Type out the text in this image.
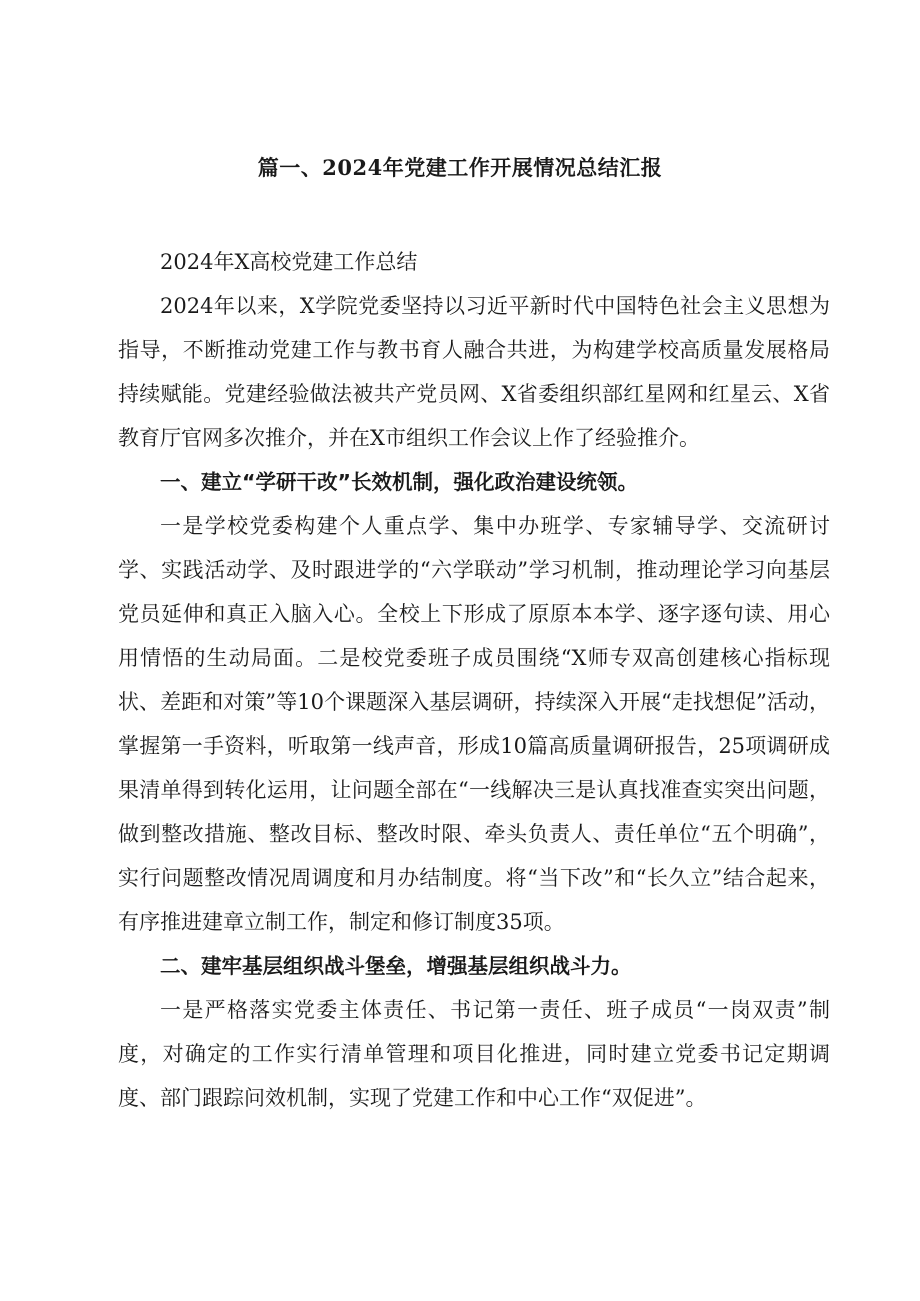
篇一、2024年党建工作开展情况总结汇报

2024年X高校党建工作总结

2024年以来，X学院党委坚持以习近平新时代中国特色社会主义思想为指导，不断推动党建工作与教书育人融合共进，为构建学校高质量发展格局持续赋能。党建经验做法被共产党员网、X省委组织部红星网和红星云、X省教育厅官网多次推介，并在X市组织工作会议上作了经验推介。

一、建立“学研干改”长效机制，强化政治建设统领。

一是学校党委构建个人重点学、集中办班学、专家辅导学、交流研讨学、实践活动学、及时跟进学的“六学联动”学习机制，推动理论学习向基层党员延伸和真正入脑入心。全校上下形成了原原本本学、逐字逐句读、用心用情悟的生动局面。二是校党委班子成员围绕“X师专双高创建核心指标现状、差距和对策”等10个课题深入基层调研，持续深入开展“走找想促”活动，掌握第一手资料，听取第一线声音，形成10篇高质量调研报告，25项调研成果清单得到转化运用，让问题全部在“一线解决三是认真找准查实突出问题，做到整改措施、整改目标、整改时限、牵头负责人、责任单位“五个明确”，实行问题整改情况周调度和月办结制度。将“当下改”和“长久立”结合起来，有序推进建章立制工作，制定和修订制度35项。

二、建牢基层组织战斗堡垒，增强基层组织战斗力。

一是严格落实党委主体责任、书记第一责任、班子成员“一岗双责”制度，对确定的工作实行清单管理和项目化推进，同时建立党委书记定期调度、部门跟踪问效机制，实现了党建工作和中心工作“双促进”。
